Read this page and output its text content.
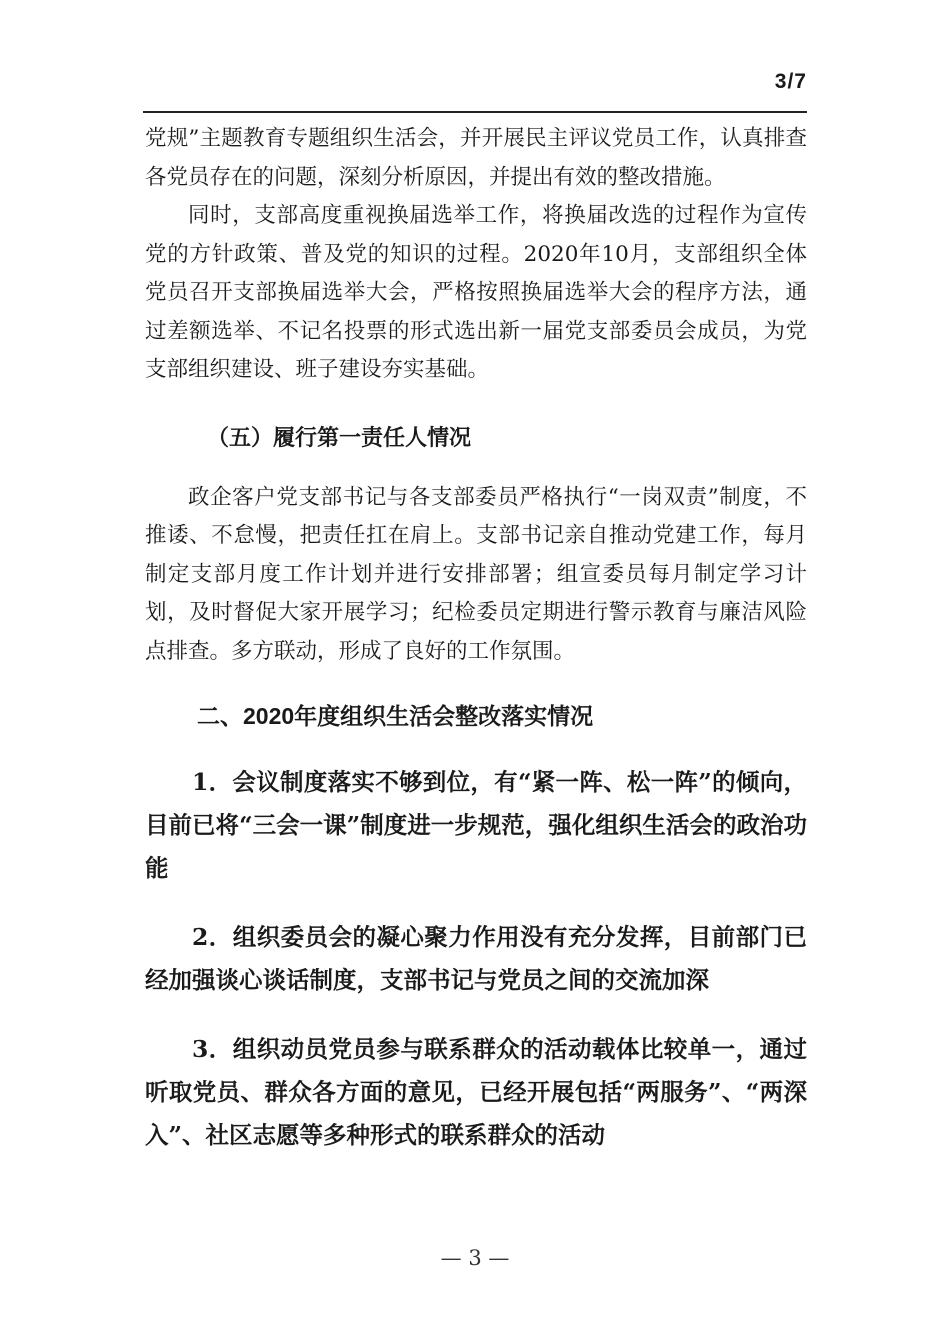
3/7

党规”主题教育专题组织生活会，并开展民主评议党员工作，认真排查各党员存在的问题，深刻分析原因，并提出有效的整改措施。

同时，支部高度重视换届选举工作，将换届改选的过程作为宣传党的方针政策、普及党的知识的过程。2020年10月，支部组织全体党员召开支部换届选举大会，严格按照换届选举大会的程序方法，通过差额选举、不记名投票的形式选出新一届党支部委员会成员，为党支部组织建设、班子建设夯实基础。

（五）履行第一责任人情况

政企客户党支部书记与各支部委员严格执行“一岗双责”制度，不推诿、不怠慢，把责任扛在肩上。支部书记亲自推动党建工作，每月制定支部月度工作计划并进行安排部署；组宣委员每月制定学习计划，及时督促大家开展学习；纪检委员定期进行警示教育与廉洁风险点排查。多方联动，形成了良好的工作氛围。

二、2020年度组织生活会整改落实情况

1．会议制度落实不够到位，有“紧一阵、松一阵”的倾向，目前已将“三会一课”制度进一步规范，强化组织生活会的政治功能

2．组织委员会的凝心聚力作用没有充分发挥，目前部门已经加强谈心谈话制度，支部书记与党员之间的交流加深

3．组织动员党员参与联系群众的活动载体比较单一，通过听取党员、群众各方面的意见，已经开展包括“两服务”、“两深入”、社区志愿等多种形式的联系群众的活动

— 3 —
